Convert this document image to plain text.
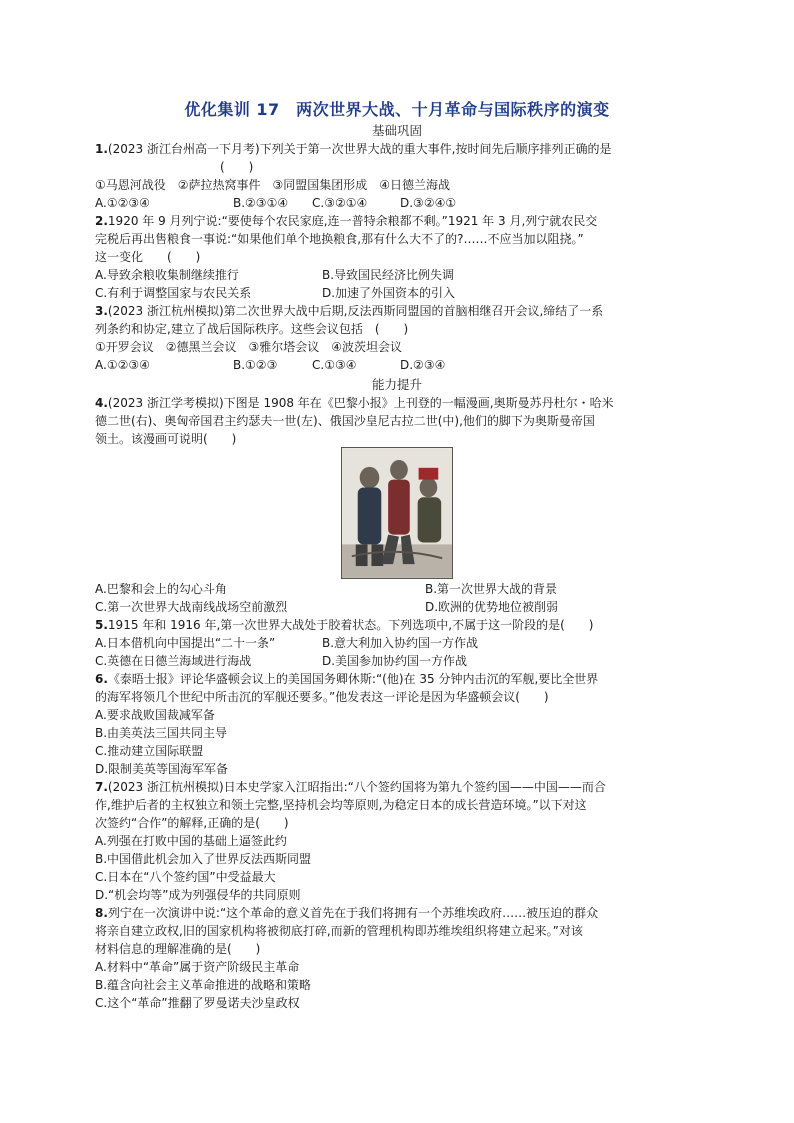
优化集训 17　两次世界大战、十月革命与国际秩序的演变
基础巩固
1.(2023 浙江台州高一下月考)下列关于第一次世界大战的重大事件,按时间先后顺序排列正确的是
(　　)
①马恩河战役　②萨拉热窝事件　③同盟国集团形成　④日德兰海战
A.①②③④	B.②③①④ C.③②①④	D.③②④①
2.1920 年 9 月列宁说:“要使每个农民家庭,连一普特余粮都不剩。”1921 年 3 月,列宁就农民交
完税后再出售粮食一事说:“如果他们单个地换粮食,那有什么大不了的?……不应当加以阻挠。”
这一变化　　(　　)
A.导致余粮收集制继续推行	B.导致国民经济比例失调
C.有利于调整国家与农民关系	D.加速了外国资本的引入
3.(2023 浙江杭州模拟)第二次世界大战中后期,反法西斯同盟国的首脑相继召开会议,缔结了一系
列条约和协定,建立了战后国际秩序。这些会议包括　(　　)
①开罗会议　②德黑兰会议　③雅尔塔会议　④波茨坦会议
A.①②③④	B.①②③	C.①③④	D.②③④
能力提升
4.(2023 浙江学考模拟)下图是 1908 年在《巴黎小报》上刊登的一幅漫画,奥斯曼苏丹杜尔・哈米
德二世(右)、奥匈帝国君主约瑟夫一世(左)、俄国沙皇尼古拉二世(中),他们的脚下为奥斯曼帝国
领土。该漫画可说明(　　)
A.巴黎和会上的勾心斗角	B.第一次世界大战的背景
C.第一次世界大战南线战场空前激烈	D.欧洲的优势地位被削弱
5.1915 年和 1916 年,第一次世界大战处于胶着状态。下列选项中,不属于这一阶段的是(　　)
A.日本借机向中国提出“二十一条”	B.意大利加入协约国一方作战
C.英德在日德兰海域进行海战	D.美国参加协约国一方作战
6.《泰晤士报》评论华盛顿会议上的美国国务卿休斯:“(他)在 35 分钟内击沉的军舰,要比全世界
的海军将领几个世纪中所击沉的军舰还要多。”他发表这一评论是因为华盛顿会议(　　)
A.要求战败国裁减军备
B.由美英法三国共同主导
C.推动建立国际联盟
D.限制美英等国海军军备
7.(2023 浙江杭州模拟)日本史学家入江昭指出:“八个签约国将为第九个签约国——中国——而合
作,维护后者的主权独立和领土完整,坚持机会均等原则,为稳定日本的成长营造环境。”以下对这
次签约“合作”的解释,正确的是(　　)
A.列强在打败中国的基础上逼签此约
B.中国借此机会加入了世界反法西斯同盟
C.日本在“八个签约国”中受益最大
D.“机会均等”成为列强侵华的共同原则
8.列宁在一次演讲中说:“这个革命的意义首先在于我们将拥有一个苏维埃政府……被压迫的群众
将亲自建立政权,旧的国家机构将被彻底打碎,而新的管理机构即苏维埃组织将建立起来。”对该
材料信息的理解准确的是(　　)
A.材料中“革命”属于资产阶级民主革命
B.蕴含向社会主义革命推进的战略和策略
C.这个“革命”推翻了罗曼诺夫沙皇政权
